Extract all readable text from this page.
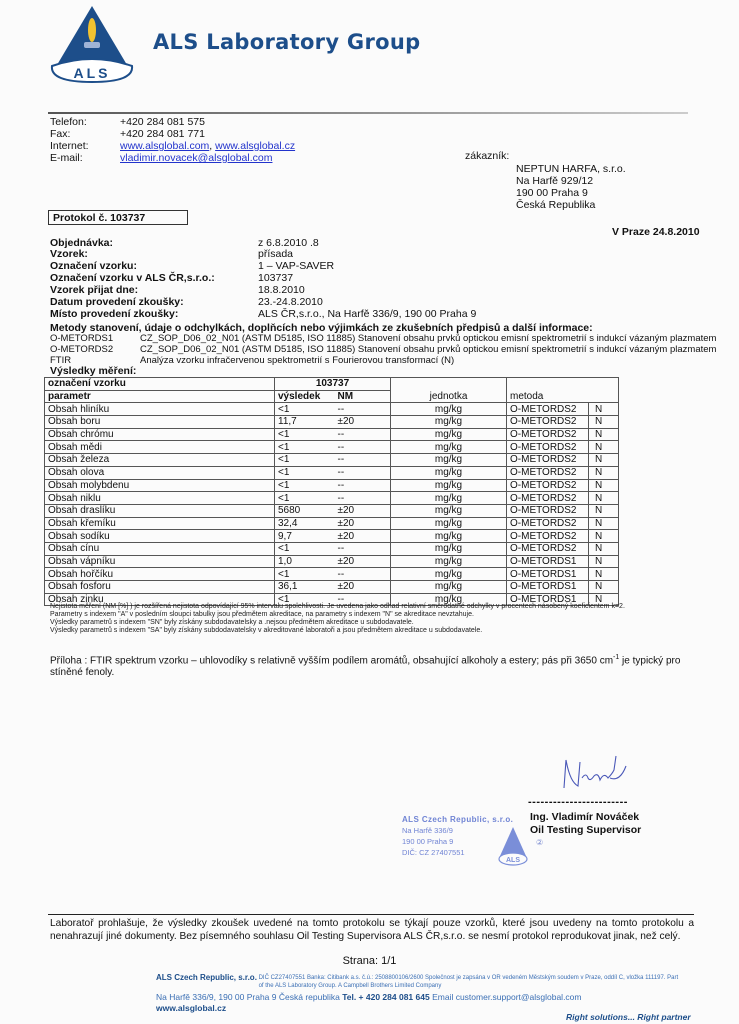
ALS
ALS Laboratory Group
Telefon:	+420 284 081 575
Fax:	+420 284 081 771
Internet:	www.alsglobal.com, www.alsglobal.cz
E-mail:	vladimir.novacek@alsglobal.com	zákazník:
NEPTUN HARFA, s.r.o.
Na Harfě 929/12
190 00 Praha 9
Česká Republika
Protokol č. 103737
V Praze 24.8.2010
Objednávka:	z 6.8.2010 .8
Vzorek:	přísada
Označení vzorku:	1 – VAP-SAVER
Označení vzorku v ALS ČR,s.r.o.:	103737
Vzorek přijat dne:	18.8.2010
Datum provedení zkoušky:	23.-24.8.2010
Místo provedení zkoušky:	ALS ČR,s.r.o., Na Harfě 336/9, 190 00 Praha 9
Metody stanovení, údaje o odchylkách, doplňcích nebo výjimkách ze zkušebních předpisů a další informace:
O-METORDS1	CZ_SOP_D06_02_N01 (ASTM D5185, ISO 11885) Stanovení obsahu prvků optickou emisní spektrometrií s indukcí vázaným plazmatem
O-METORDS2	CZ_SOP_D06_02_N01 (ASTM D5185, ISO 11885) Stanovení obsahu prvků optickou emisní spektrometrií s indukcí vázaným plazmatem
FTIR	Analýza vzorku infračervenou spektrometrií s Fourierovou transformací (N)
Výsledky měření:
označení vzorku	103737		jednotka	metoda	
parametr	výsledek	NM			
Obsah hliníku	<1	--	mg/kg	O-METORDS2	N
Obsah boru	11,7	±20	mg/kg	O-METORDS2	N
Obsah chrómu	<1	--	mg/kg	O-METORDS2	N
Obsah mědi	<1	--	mg/kg	O-METORDS2	N
Obsah železa	<1	--	mg/kg	O-METORDS2	N
Obsah olova	<1	--	mg/kg	O-METORDS2	N
Obsah molybdenu	<1	--	mg/kg	O-METORDS2	N
Obsah niklu	<1	--	mg/kg	O-METORDS2	N
Obsah draslíku	5680	±20	mg/kg	O-METORDS2	N
Obsah křemíku	32,4	±20	mg/kg	O-METORDS2	N
Obsah sodíku	9,7	±20	mg/kg	O-METORDS2	N
Obsah cínu	<1	--	mg/kg	O-METORDS2	N
Obsah vápníku	1,0	±20	mg/kg	O-METORDS1	N
Obsah hořčíku	<1	--	mg/kg	O-METORDS1	N
Obsah fosforu	36,1	±20	mg/kg	O-METORDS1	N
Obsah zinku	<1	--	mg/kg	O-METORDS1	N
Nejistota měření (NM [%] ) je rozšířená nejistota odpovídající 95% intervalu spolehlivosti. Je uvedena jako odhad relativní směrodatné odchylky v procentech násobený koeficientem k=2.
Parametry s indexem "A" v posledním sloupci tabulky jsou předmětem akreditace, na parametry s indexem "N" se akreditace nevztahuje.
Výsledky parametrů s indexem "SN" byly získány subdodavatelsky a .nejsou předmětem akreditace u subdodavatele.
Výsledky parametrů s indexem "SA" byly získány subdodavatelsky v akreditované laboratoři a jsou předmětem akreditace u subdodavatele.
Příloha : FTIR spektrum vzorku – uhlovodíky s relativně vyšším podílem aromátů, obsahující alkoholy a estery; pás při 3650 $cm^{-1}$ je typický pro stíněné fenoly.
------------------------
Ing. Vladimír Nováček
Oil Testing Supervisor
②
ALS Czech Republic, s.r.o.
Na Harfě 336/9
190 00 Praha 9
DIČ: CZ 27407551
ALS
Laboratoř prohlašuje, že výsledky zkoušek uvedené na tomto protokolu se týkají pouze vzorků, které jsou uvedeny na tomto protokolu a nenahrazují jiné dokumenty. Bez písemného souhlasu Oil Testing Supervisora ALS ČR,s.r.o. se nesmí protokol reprodukovat jinak, než celý.
Strana: 1/1
ALS Czech Republic, s.r.o. DIČ CZ27407551 Banka: Citibank a.s. č.ú.: 2508800106/2600 Společnost je zapsána v OR vedeném Městským soudem v Praze, oddíl C, vložka 111197. Part of the ALS Laboratory Group. A Campbell Brothers Limited Company
Na Harfě 336/9, 190 00 Praha 9 Česká republika Tel. + 420 284 081 645 Email customer.support@alsglobal.com
www.alsglobal.cz
Right solutions... Right partner
